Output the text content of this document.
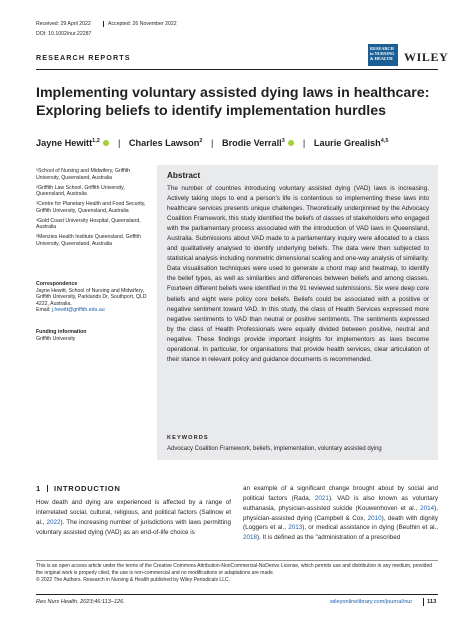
Received: 29 April 2022	Accepted: 26 November 2022
DOI: 10.1002/nur.22287
RESEARCH REPORTS
RESEARCH
in NURSING
& HEALTH WILEY
Implementing voluntary assisted dying laws in healthcare:
Exploring beliefs to identify implementation hurdles
Jayne Hewitt$^{1,2}$ | Charles Lawson$^2$ | Brodie Verrall$^3$ | Laurie Grealish$^{4,5}$

$^1$School of Nursing and Midwifery, Griffith University, Queensland, Australia

$^2$Griffith Law School, Griffith University, Queensland, Australia

$^3$Centre for Planetary Health and Food Security, Griffith University, Queensland, Australia

$^4$Gold Coast University Hospital, Queensland, Australia

$^5$Menzies Health Institute Queensland, Griffith University, Queensland, Australia

Correspondence
Jayne Hewitt, School of Nursing and Midwifery, Griffith University, Parklands Dr, Southport, QLD 4222, Australia.
Email: j.hewitt@griffith.edu.au
Funding information
Griffith University
Abstract
The number of countries introducing voluntary assisted dying (VAD) laws is increasing. Actively taking steps to end a person's life is contentious so implementing these laws into healthcare services presents unique challenges. Theoretically underpinned by the Advocacy Coalition Framework, this study identified the beliefs of classes of stakeholders who engaged with the parliamentary process associated with the introduction of VAD laws in Queensland, Australia. Submissions about VAD made to a parliamentary inquiry were allocated to a class and qualitatively analysed to identify underlying beliefs. The data were then subjected to statistical analysis including nonmetric dimensional scaling and one-way analysis of similarity. Data visualisation techniques were used to generate a chord map and heatmap, to identify the belief types, as well as similarities and differences between beliefs and among classes. Fourteen different beliefs were identified in the 91 reviewed submissions. Six were deep core beliefs and eight were policy core beliefs. Beliefs could be associated with a positive or negative sentiment toward VAD. In this study, the class of Health Services expressed more negative sentiments to VAD than neutral or positive sentiments. The sentiments expressed by the class of Health Professionals were equally divided between positive, neutral and negative. These findings provide important insights for implementors as laws become operational. In particular, for organisations that provide health services, clear articulation of their stance in relevant policy and guidance documents is recommended.
KEYWORDS
Advocacy Coalition Framework, beliefs, implementation, voluntary assisted dying
1 INTRODUCTION
How death and dying are experienced is affected by a range of interrelated social, cultural, religious, and political factors (Sallnow et al., 2022). The increasing number of jurisdictions with laws permitting voluntary assisted dying (VAD) as an end-of-life choice is
an example of a significant change brought about by social and political factors (Rada, 2021). VAD is also known as voluntary euthanasia, physician-assisted suicide (Kouwenhoven et al., 2014), physician-assisted dying (Campbell & Cox, 2010), death with dignity (Loggers et al., 2013), or medical assistance in dying (Beuthin et al., 2018). It is defined as the "administration of a prescribed
This is an open access article under the terms of the Creative Commons Attribution-NonCommercial-NoDerivs License, which permits use and distribution in any medium, provided the original work is properly cited, the use is non-commercial and no modifications or adaptations are made.
© 2022 The Authors. Research in Nursing & Health published by Wiley Periodicals LLC.
Res Nurs Health. 2023;46:113–126.	wileyonlinelibrary.com/journal/nur	113
